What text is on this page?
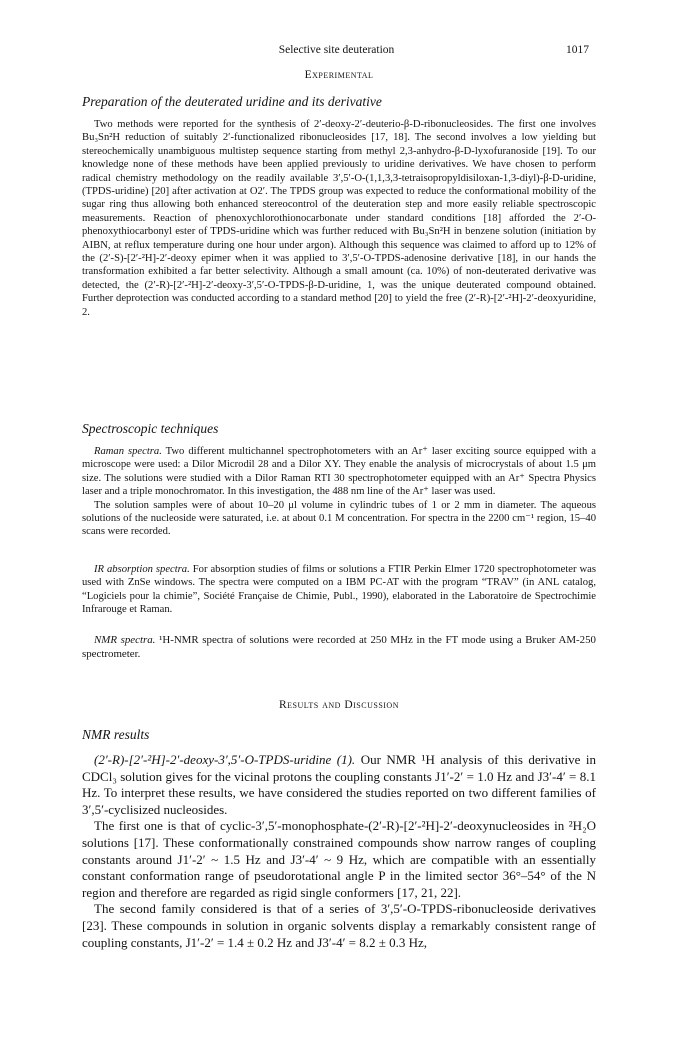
Selective site deuteration	1017
Experimental
Preparation of the deuterated uridine and its derivative

Two methods were reported for the synthesis of 2′-deoxy-2′-deuterio-β-D-ribonucleosides. The first one involves Bu₃Sn²H reduction of suitably 2′-functionalized ribonucleosides [17, 18]. The second involves a low yielding but stereochemically unambiguous multistep sequence starting from methyl 2,3-anhydro-β-D-lyxofuranoside [19]. To our knowledge none of these methods have been applied previously to uridine derivatives. We have chosen to perform radical chemistry methodology on the readily available 3′,5′-O-(1,1,3,3-tetraisopropyldisiloxan-1,3-diyl)-β-D-uridine, (TPDS-uridine) [20] after activation at O2′. The TPDS group was expected to reduce the conformational mobility of the sugar ring thus allowing both enhanced stereocontrol of the deuteration step and more easily reliable spectroscopic measurements. Reaction of phenoxychlorothionocarbonate under standard conditions [18] afforded the 2′-O-phenoxythiocarbonyl ester of TPDS-uridine which was further reduced with Bu₃Sn²H in benzene solution (initiation by AIBN, at reflux temperature during one hour under argon). Although this sequence was claimed to afford up to 12% of the (2′-S)-[2′-²H]-2′-deoxy epimer when it was applied to 3′,5′-O-TPDS-adenosine derivative [18], in our hands the transformation exhibited a far better selectivity. Although a small amount (ca. 10%) of non-deuterated derivative was detected, the (2′-R)-[2′-²H]-2′-deoxy-3′,5′-O-TPDS-β-D-uridine, 1, was the unique deuterated compound obtained. Further deprotection was conducted according to a standard method [20] to yield the free (2′-R)-[2′-²H]-2′-deoxyuridine, 2.

Spectroscopic techniques

Raman spectra. Two different multichannel spectrophotometers with an Ar⁺ laser exciting source equipped with a microscope were used: a Dilor Microdil 28 and a Dilor XY. They enable the analysis of microcrystals of about 1.5 μm size. The solutions were studied with a Dilor Raman RTI 30 spectrophotometer equipped with an Ar⁺ Spectra Physics laser and a triple monochromator. In this investigation, the 488 nm line of the Ar⁺ laser was used.

The solution samples were of about 10–20 μl volume in cylindric tubes of 1 or 2 mm in diameter. The aqueous solutions of the nucleoside were saturated, i.e. at about 0.1 M concentration. For spectra in the 2200 cm⁻¹ region, 15–40 scans were recorded.

IR absorption spectra. For absorption studies of films or solutions a FTIR Perkin Elmer 1720 spectrophotometer was used with ZnSe windows. The spectra were computed on a IBM PC-AT with the program “TRAV” (in ANL catalog, “Logiciels pour la chimie”, Société Française de Chimie, Publ., 1990), elaborated in the Laboratoire de Spectrochimie Infrarouge et Raman.

NMR spectra. ¹H-NMR spectra of solutions were recorded at 250 MHz in the FT mode using a Bruker AM-250 spectrometer.

Results and Discussion
NMR results

(2′-R)-[2′-²H]-2′-deoxy-3′,5′-O-TPDS-uridine (1). Our NMR ¹H analysis of this derivative in CDCl₃ solution gives for the vicinal protons the coupling constants J1′-2′ = 1.0 Hz and J3′-4′ = 8.1 Hz. To interpret these results, we have considered the studies reported on two different families of 3′,5′-cyclisized nucleosides.

The first one is that of cyclic-3′,5′-monophosphate-(2′-R)-[2′-²H]-2′-deoxynucleosides in ²H₂O solutions [17]. These conformationally constrained compounds show narrow ranges of coupling constants around J1′-2′ ~ 1.5 Hz and J3′-4′ ~ 9 Hz, which are compatible with an essentially constant conformation range of pseudorotational angle P in the limited sector 36°–54° of the N region and therefore are regarded as rigid single conformers [17, 21, 22].

The second family considered is that of a series of 3′,5′-O-TPDS-ribonucleoside derivatives [23]. These compounds in solution in organic solvents display a remarkably consistent range of coupling constants, J1′-2′ = 1.4 ± 0.2 Hz and J3′-4′ = 8.2 ± 0.3 Hz,
